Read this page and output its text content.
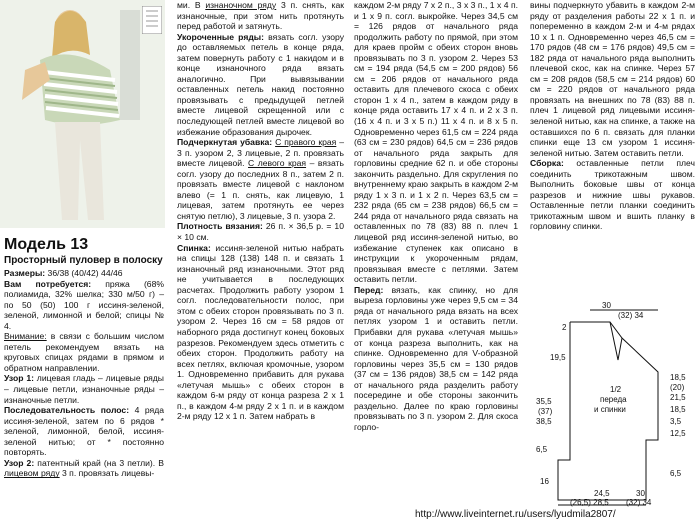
Модель 13
Просторный пуловер в полоску

Размеры: 36/38 (40/42) 44/46

Вам потребуется: пряжа (68% полиамида, 32% шелка; 330 м/50 г) – по 50 (50) 100 г иссиня-зеленой, зеленой, лимонной и белой; спицы № 4.

Внимание: в связи с большим числом петель рекомендуем вязать на круговых спицах рядами в прямом и обратном направлении.

Узор 1: лицевая гладь – лицевые ряды – лицевые петли, изнаночные ряды – изнаночные петли.

Последовательность полос: 4 ряда иссиня-зеленой, затем по 6 рядов * зеленой, лимонной, белой, иссиня-зеленой нитью; от * постоянно повторять.

Узор 2: патентный край (на 3 петли). В лицевом ряду 3 п. провязать лицевы-

ми. В изнаночном ряду 3 п. снять, как изнаночные, при этом нить протянуть перед работой и затянуть.

Укороченные ряды: вязать согл. узору до оставляемых петель в конце ряда, затем повернуть работу с 1 накидом и в конце изнаночного ряда вязать аналогично. При вывязывании оставленных петель накид постоянно провязывать с предыдущей петлей вместе лицевой скрещенной или с последующей петлей вместе лицевой во избежание образования дырочек.

Подчеркнутая убавка: С правого края – 3 п. узором 2, 3 лицевые, 2 п. провязать вместе лицевой. С левого края – вязать согл. узору до последних 8 п., затем 2 п. провязать вместе лицевой с наклоном влево (= 1 п. снять, как лицевую, 1 лицевая, затем протянуть ее через снятую петлю), 3 лицевые, 3 п. узора 2.

Плотность вязания: 26 п. × 36,5 р. = 10 × 10 см.

Спинка: иссиня-зеленой нитью набрать на спицы 128 (138) 148 п. и связать 1 изнаночный ряд изнаночными. Этот ряд не учитывается в последующих расчетах. Продолжить работу узором 1 согл. последовательности полос, при этом с обеих сторон провязывать по 3 п. узором 2. Через 16 см = 58 рядов от наборного ряда достигнут конец боковых разрезов. Рекомендуем здесь отметить с обеих сторон. Продолжить работу на всех петлях, включая кромочные, узором 1. Одновременно прибавить для рукава «летучая мышь» с обеих сторон в каждом 6-м ряду от конца разреза 2 х 1 п., в каждом 4-м ряду 2 х 1 п. и в каждом 2-м ряду 12 х 1 п. Затем набрать в

каждом 2-м ряду 7 х 2 п., 3 х 3 п., 1 х 4 п. и 1 х 9 п. согл. выкройке. Через 34,5 см = 126 рядов от начального ряда продолжить работу по прямой, при этом для краев пройм с обеих сторон вновь провязывать по 3 п. узором 2. Через 53 см = 194 ряда (54,5 см = 200 рядов) 56 см = 206 рядов от начального ряда оставить для плечевого скоса с обеих сторон 1 х 4 п., затем в каждом ряду в конце ряда оставить 17 х 4 п. и 2 х 3 п. (16 х 4 п. и 3 х 5 п.) 11 х 4 п. и 8 х 5 п. Одновременно через 61,5 см = 224 ряда (63 см = 230 рядов) 64,5 см = 236 рядов от начального ряда закрыть для горловины средние 62 п. и обе стороны закончить раздельно. Для скругления по внутреннему краю закрыть в каждом 2-м ряду 1 х 3 п. и 1 х 2 п. Через 63,5 см = 232 ряда (65 см = 238 рядов) 66,5 см = 244 ряда от начального ряда связать на оставленных по 78 (83) 88 п. плеч 1 лицевой ряд иссиня-зеленой нитью, во избежание ступенек как описано в инструкции к укороченным рядам, провязывая вместе с петлями. Затем оставить петли.

Перед: вязать, как спинку, но для выреза горловины уже через 9,5 см = 34 ряда от начального ряда вязать на всех петлях узором 1 и оставить петли. Прибавки для рукава «летучая мышь» от конца разреза выполнить, как на спинке. Одновременно для V-образной горловины через 35,5 см = 130 рядов (37 см = 136 рядов) 38,5 см = 142 ряда от начального ряда разделить работу посередине и обе стороны закончить раздельно. Далее по краю горловины провязывать по 3 п. узором 2. Для скоса горло-

вины подчеркнуто убавить в каждом 2-м ряду от разделения работы 22 х 1 п. и попеременно в каждом 2-м и 4-м рядах 10 х 1 п. Одновременно через 46,5 см = 170 рядов (48 см = 176 рядов) 49,5 см = 182 ряда от начального ряда выполнить плечевой скос, как на спинке. Через 57 см = 208 рядов (58,5 см = 214 рядов) 60 см = 220 рядов от начального ряда провязать на внешних по 78 (83) 88 п. плеч 1 лицевой ряд лицевыми иссиня-зеленой нитью, как на спинке, а также на оставшихся по 6 п. связать для планки спинки еще 13 см узором 1 иссиня-зеленой нитью. Затем оставить петли.

Сборка: оставленные петли плеч соединить трикотажным швом. Выполнить боковые швы от конца разрезов и нижние швы рукавов. Оставленные петли планки соединить трикотажным швом и вшить планку в горловину спинки.

30
(32) 34
2
19,5
35,5
(37)
38,5
6,5
16
1/2
переда
и спинки
18,5
(20)
21,5
18,5
3,5
12,5
6,5
24,5
(26,5) 28,5
30
(32) 34
http://www.liveinternet.ru/users/lyudmila2807/
